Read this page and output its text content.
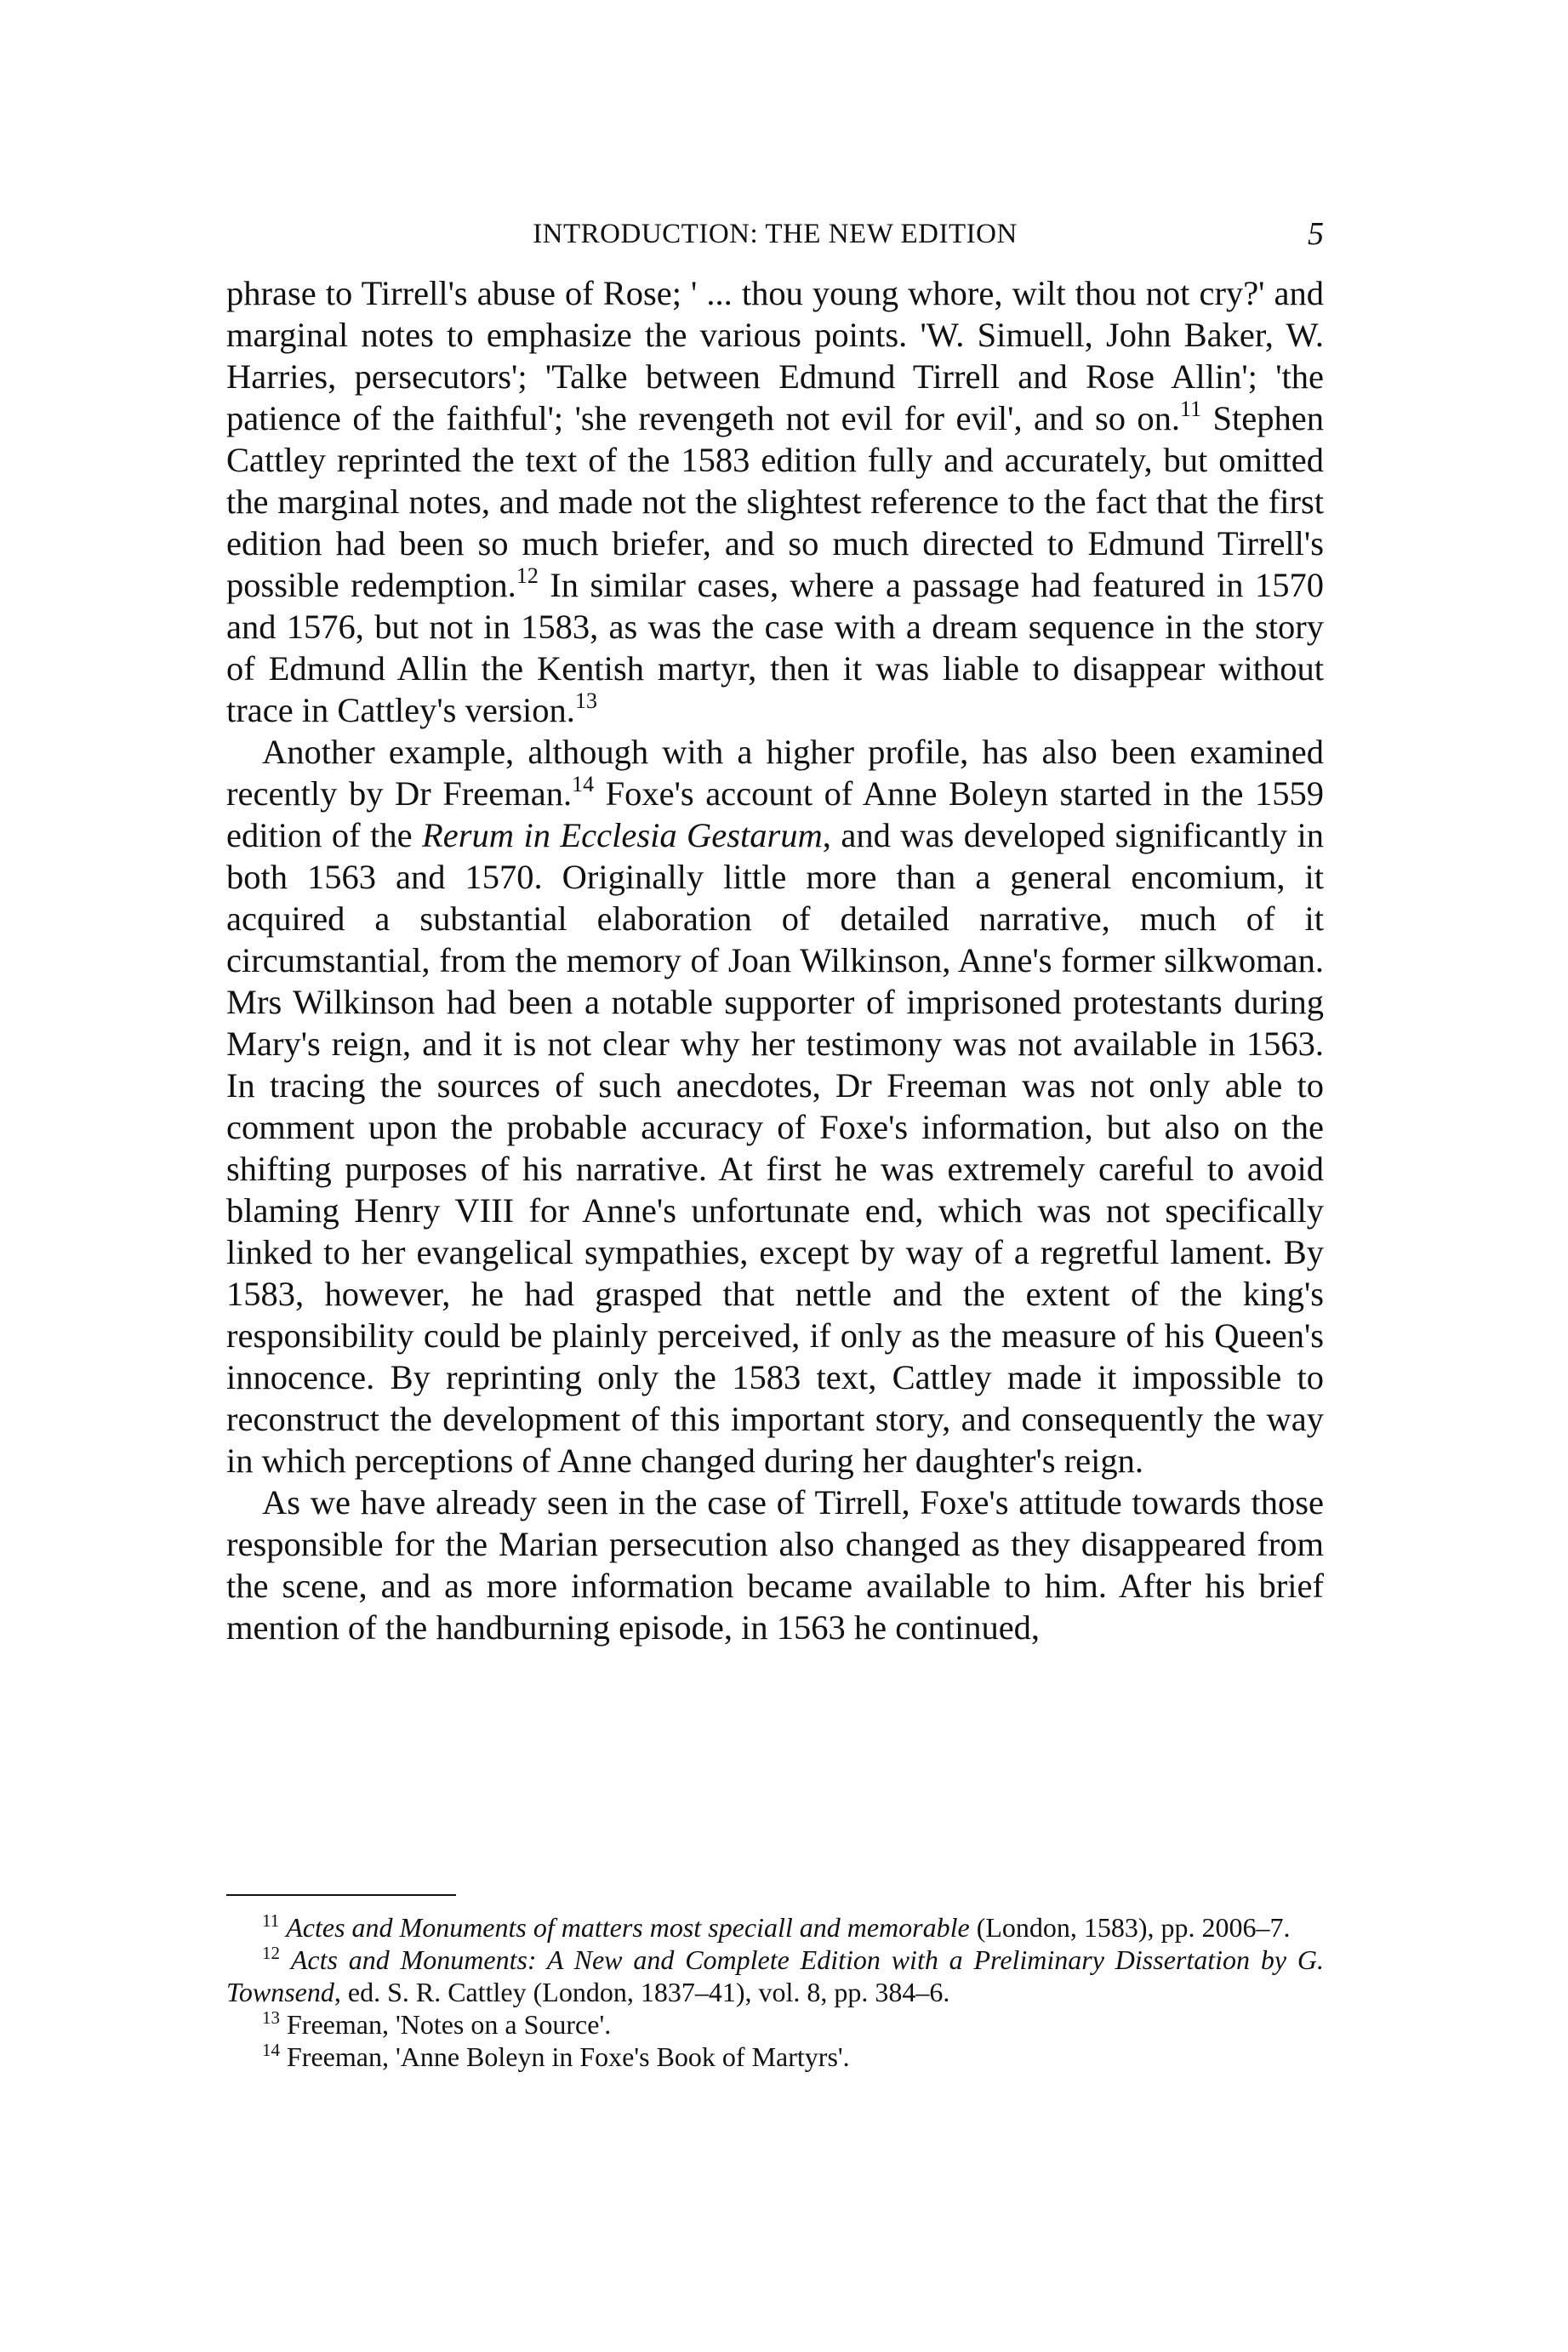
INTRODUCTION: THE NEW EDITION	5

phrase to Tirrell's abuse of Rose; ' ... thou young whore, wilt thou not cry?' and marginal notes to emphasize the various points. 'W. Simuell, John Baker, W. Harries, persecutors'; 'Talke between Edmund Tirrell and Rose Allin'; 'the patience of the faithful'; 'she revengeth not evil for evil', and so on.$^{11}$ Stephen Cattley reprinted the text of the 1583 edition fully and accurately, but omitted the marginal notes, and made not the slightest reference to the fact that the first edition had been so much briefer, and so much directed to Edmund Tirrell's possible redemption.$^{12}$ In similar cases, where a passage had featured in 1570 and 1576, but not in 1583, as was the case with a dream sequence in the story of Edmund Allin the Kentish martyr, then it was liable to disappear without trace in Cattley's version.$^{13}$

Another example, although with a higher profile, has also been examined recently by Dr Freeman.$^{14}$ Foxe's account of Anne Boleyn started in the 1559 edition of the Rerum in Ecclesia Gestarum, and was developed significantly in both 1563 and 1570. Originally little more than a general encomium, it acquired a substantial elaboration of detailed narrative, much of it circumstantial, from the memory of Joan Wilkinson, Anne's former silkwoman. Mrs Wilkinson had been a notable supporter of imprisoned protestants during Mary's reign, and it is not clear why her testimony was not available in 1563. In tracing the sources of such anecdotes, Dr Freeman was not only able to comment upon the probable accuracy of Foxe's information, but also on the shifting purposes of his narrative. At first he was extremely careful to avoid blaming Henry VIII for Anne's unfortunate end, which was not specifically linked to her evangelical sympathies, except by way of a regretful lament. By 1583, however, he had grasped that nettle and the extent of the king's responsibility could be plainly perceived, if only as the measure of his Queen's innocence. By reprinting only the 1583 text, Cattley made it impossible to reconstruct the development of this important story, and consequently the way in which perceptions of Anne changed during her daughter's reign.

As we have already seen in the case of Tirrell, Foxe's attitude towards those responsible for the Marian persecution also changed as they disappeared from the scene, and as more information became available to him. After his brief mention of the handburning episode, in 1563 he continued,

$^{11}$ Actes and Monuments of matters most speciall and memorable (London, 1583), pp. 2006–7.

$^{12}$ Acts and Monuments: A New and Complete Edition with a Preliminary Dissertation by G. Townsend, ed. S. R. Cattley (London, 1837–41), vol. 8, pp. 384–6.

$^{13}$ Freeman, 'Notes on a Source'.

$^{14}$ Freeman, 'Anne Boleyn in Foxe's Book of Martyrs'.
